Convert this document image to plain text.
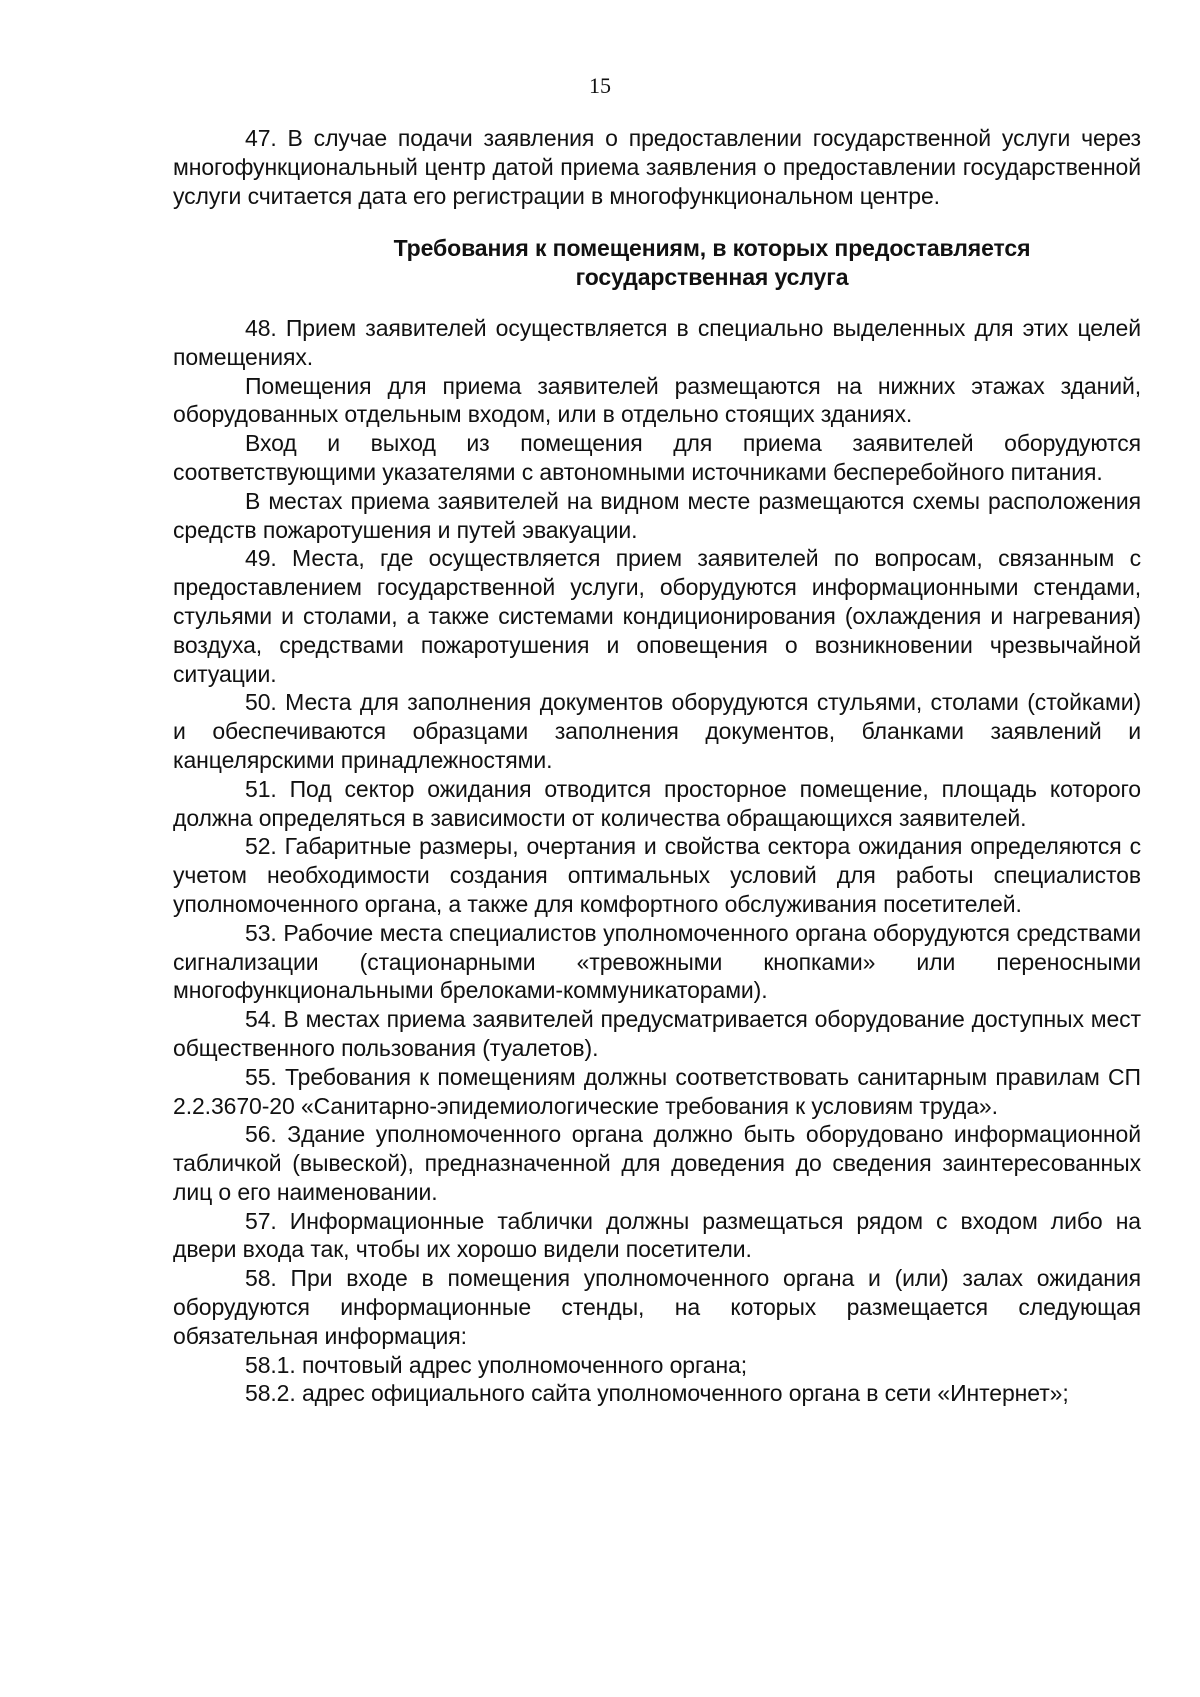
15

47. В случае подачи заявления о предоставлении государственной услуги через многофункциональный центр датой приема заявления о предоставлении государственной услуги считается дата его регистрации в многофункциональном центре.

Требования к помещениям, в которых предоставляется
государственная услуга

48. Прием заявителей осуществляется в специально выделенных для этих целей помещениях.

Помещения для приема заявителей размещаются на нижних этажах зданий, оборудованных отдельным входом, или в отдельно стоящих зданиях.

Вход и выход из помещения для приема заявителей оборудуются соответствующими указателями с автономными источниками бесперебойного питания.

В местах приема заявителей на видном месте размещаются схемы расположения средств пожаротушения и путей эвакуации.

49. Места, где осуществляется прием заявителей по вопросам, связанным с предоставлением государственной услуги, оборудуются информационными стендами, стульями и столами, а также системами кондиционирования (охлаждения и нагревания) воздуха, средствами пожаротушения и оповещения о возникновении чрезвычайной ситуации.

50. Места для заполнения документов оборудуются стульями, столами (стойками) и обеспечиваются образцами заполнения документов, бланками заявлений и канцелярскими принадлежностями.

51. Под сектор ожидания отводится просторное помещение, площадь которого должна определяться в зависимости от количества обращающихся заявителей.

52. Габаритные размеры, очертания и свойства сектора ожидания определяются с учетом необходимости создания оптимальных условий для работы специалистов уполномоченного органа, а также для комфортного обслуживания посетителей.

53. Рабочие места специалистов уполномоченного органа оборудуются средствами сигнализации (стационарными «тревожными кнопками» или переносными многофункциональными брелоками-коммуникаторами).

54. В местах приема заявителей предусматривается оборудование доступных мест общественного пользования (туалетов).

55. Требования к помещениям должны соответствовать санитарным правилам СП 2.2.3670-20 «Санитарно-эпидемиологические требования к условиям труда».

56. Здание уполномоченного органа должно быть оборудовано информационной табличкой (вывеской), предназначенной для доведения до сведения заинтересованных лиц о его наименовании.

57. Информационные таблички должны размещаться рядом с входом либо на двери входа так, чтобы их хорошо видели посетители.

58. При входе в помещения уполномоченного органа и (или) залах ожидания оборудуются информационные стенды, на которых размещается следующая обязательная информация:

58.1. почтовый адрес уполномоченного органа;

58.2. адрес официального сайта уполномоченного органа в сети «Интернет»;
